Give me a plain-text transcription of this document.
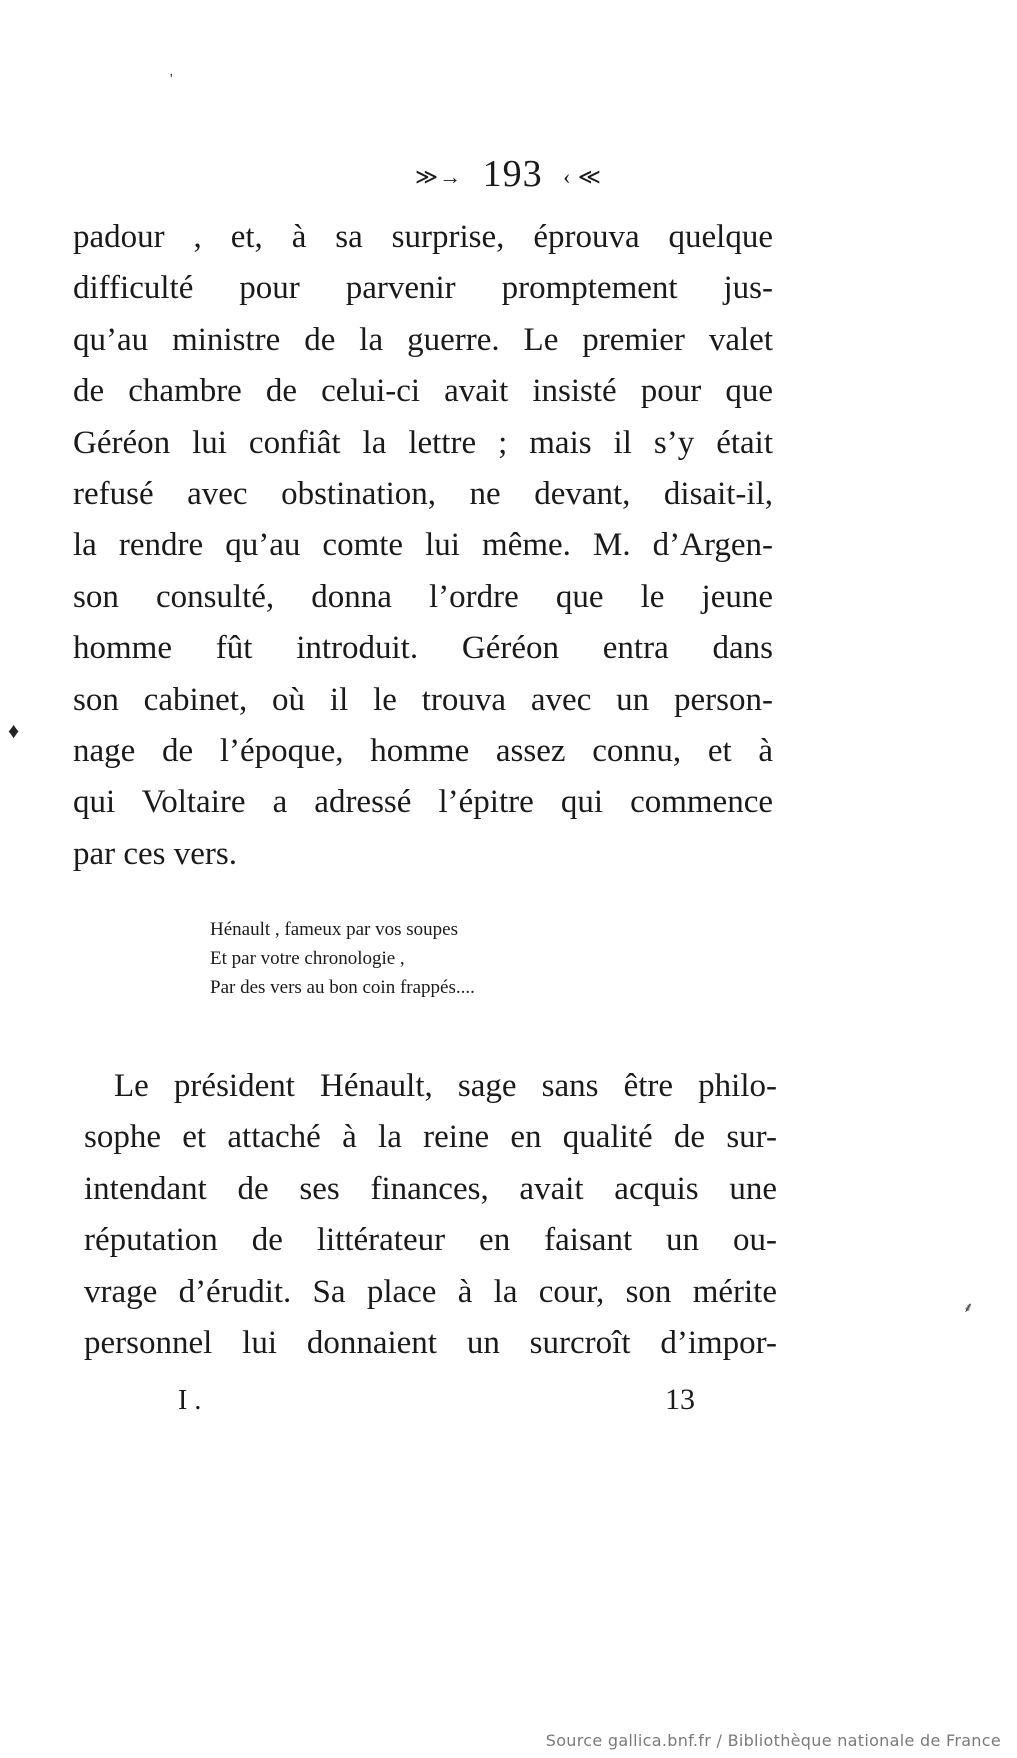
≫→ 193 ‹ ≪
padour , et, à sa surprise, éprouva quelque
difficulté pour parvenir promptement jus-
qu’au ministre de la guerre. Le premier valet
de chambre de celui-ci avait insisté pour que
Géréon lui confiât la lettre ; mais il s’y était
refusé avec obstination, ne devant, disait-il,
la rendre qu’au comte lui même. M. d’Argen-
son consulté, donna l’ordre que le jeune
homme fût introduit. Géréon entra dans
son cabinet, où il le trouva avec un person-
nage de l’époque, homme assez connu, et à
qui Voltaire a adressé l’épitre qui commence
par ces vers.
Hénault , fameux par vos soupes
Et par votre chronologie ,
Par des vers au bon coin frappés....
Le président Hénault, sage sans être philo-
sophe et attaché à la reine en qualité de sur-
intendant de ses finances, avait acquis une
réputation de littérateur en faisant un ou-
vrage d’érudit. Sa place à la cour, son mérite
personnel lui donnaient un surcroît d’impor-
I .	13
'
♦
⸙
Source gallica.bnf.fr / Bibliothèque nationale de France
